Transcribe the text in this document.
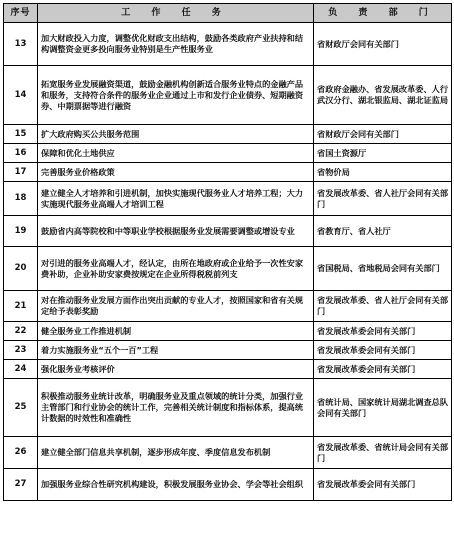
序号	工 作 任 务	负 责 部 门
13	加大财政投入力度，调整优化财政支出结构，鼓励各类政府产业扶持和结构调整资金更多投向服务业特别是生产性服务业	省财政厅会同有关部门
14	拓宽服务业发展融资渠道，鼓励金融机构创新适合服务业特点的金融产品和服务，支持符合条件的服务业企业通过上市和发行企业债券、短期融资券、中期票据等进行融资	省政府金融办、省发展改革委、人行武汉分行、湖北银监局、湖北证监局
15	扩大政府购买公共服务范围	省财政厅会同有关部门
16	保障和优化土地供应	省国土资源厅
17	完善服务业价格政策	省物价局
18	建立健全人才培养和引进机制，加快实施现代服务业人才培养工程；大力实施现代服务业高端人才培训工程	省发展改革委、省人社厅会同有关部门
19	鼓励省内高等院校和中等职业学校根据服务业发展需要调整或增设专业	省教育厅、省人社厅
20	对引进的服务业高端人才，经认定，由所在地政府或企业给予一次性安家费补助，企业补助安家费按规定在企业所得税税前列支	省国税局、省地税局会同有关部门
21	对在推动服务业发展方面作出突出贡献的专业人才，按照国家和省有关规定给予表彰奖励	省发展改革委、省人社厅会同有关部门
22	健全服务业工作推进机制	省发展改革委会同有关部门
23	着力实施服务业“五个一百”工程	省发展改革委会同有关部门
24	强化服务业考核评价	省发展改革委会同有关部门
25	积极推动服务业统计改革，明确服务业及重点领域的统计分类，加强行业主管部门和行业协会的统计工作，完善相关统计制度和指标体系，提高统计数据的时效性和准确性	省统计局、国家统计局湖北调查总队会同有关部门
26	建立健全部门信息共享机制，逐步形成年度、季度信息发布机制	省发展改革委、省统计局会同有关部门
27	加强服务业综合性研究机构建设，积极发展服务业协会、学会等社会组织	省发展改革委会同有关部门
